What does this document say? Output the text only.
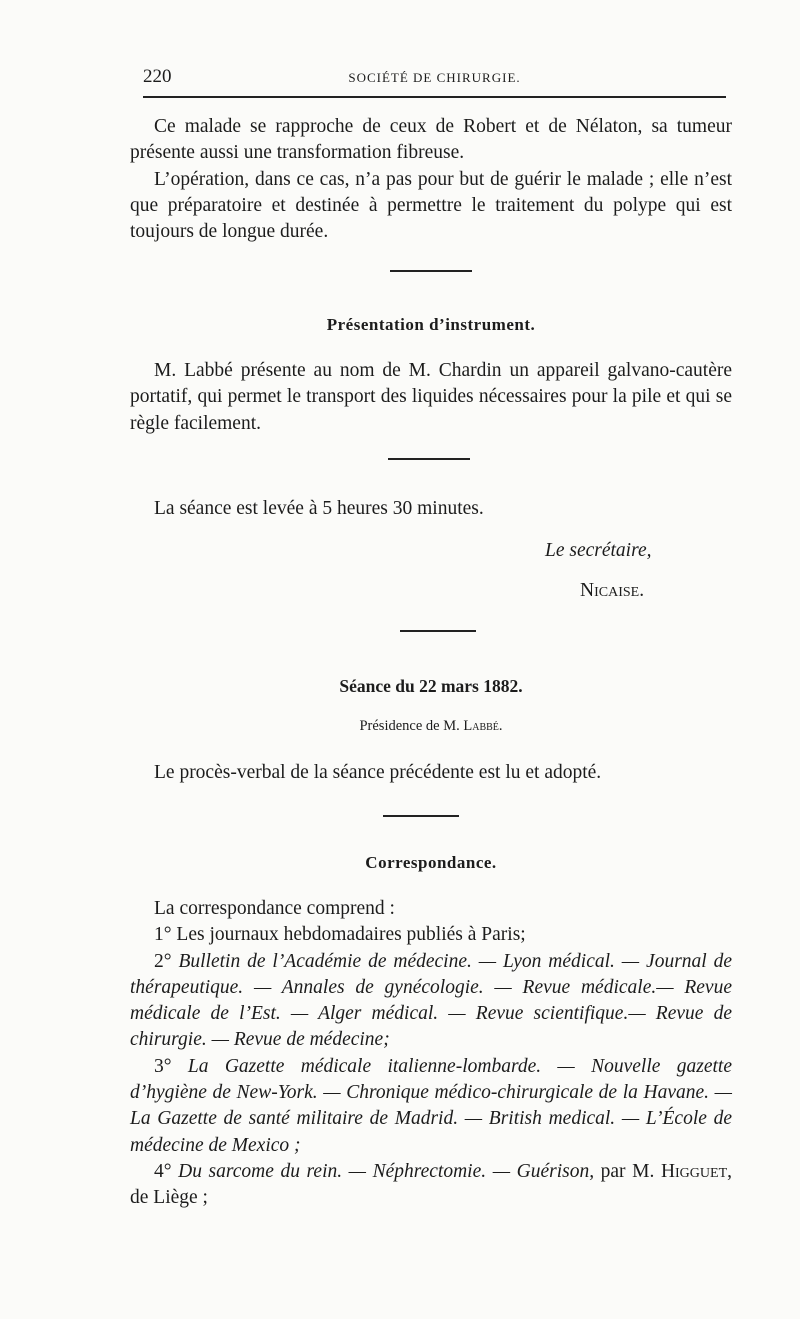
220	SOCIÉTÉ DE CHIRURGIE.

Ce malade se rapproche de ceux de Robert et de Nélaton, sa tumeur présente aussi une transformation fibreuse.

L’opération, dans ce cas, n’a pas pour but de guérir le malade ; elle n’est que préparatoire et destinée à permettre le traitement du polype qui est toujours de longue durée.

Présentation d’instrument.

M. Labbé présente au nom de M. Chardin un appareil galvano-cautère portatif, qui permet le transport des liquides nécessaires pour la pile et qui se règle facilement.

La séance est levée à 5 heures 30 minutes.

Le secrétaire,
Nicaise.
Séance du 22 mars 1882.
Présidence de M. Labbé.

Le procès-verbal de la séance précédente est lu et adopté.

Correspondance.

La correspondance comprend :

1° Les journaux hebdomadaires publiés à Paris;

2° Bulletin de l’Académie de médecine. — Lyon médical. — Journal de thérapeutique. — Annales de gynécologie. — Revue médicale.— Revue médicale de l’Est. — Alger médical. — Revue scientifique.— Revue de chirurgie. — Revue de médecine;

3° La Gazette médicale italienne-lombarde. — Nouvelle gazette d’hygiène de New-York. — Chronique médico-chirurgicale de la Havane. — La Gazette de santé militaire de Madrid. — British medical. — L’École de médecine de Mexico ;

4° Du sarcome du rein. — Néphrectomie. — Guérison, par M. Higguet, de Liège ;
